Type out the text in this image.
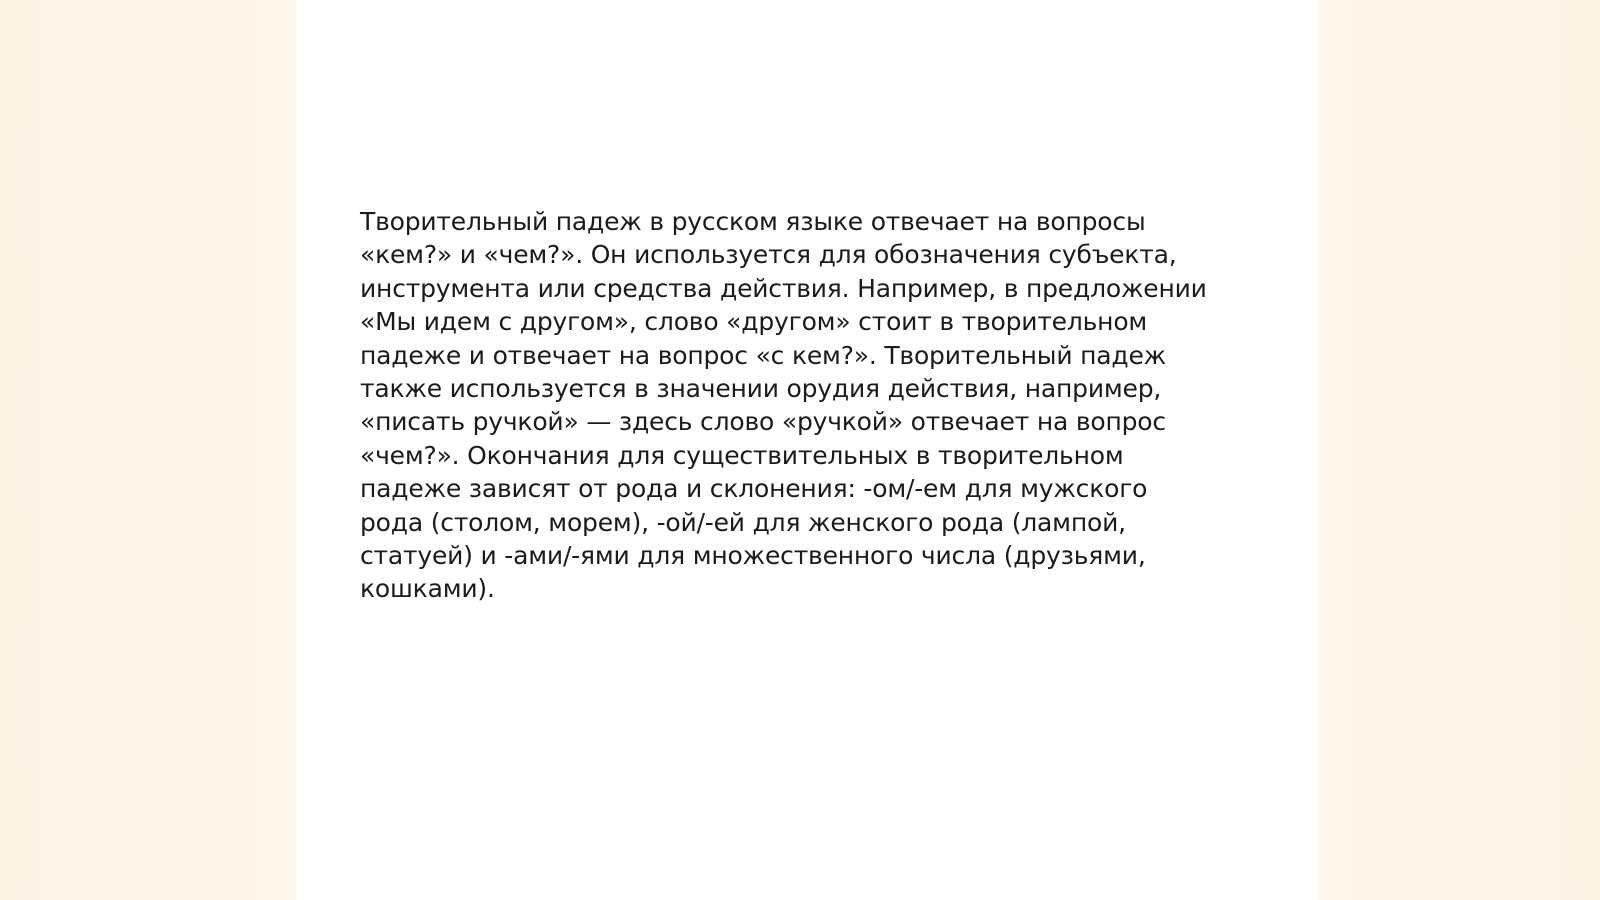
Творительный падеж в русском языке отвечает на вопросы
«кем?» и «чем?». Он используется для обозначения субъекта,
инструмента или средства действия. Например, в предложении
«Мы идем с другом», слово «другом» стоит в творительном
падеже и отвечает на вопрос «с кем?». Творительный падеж
также используется в значении орудия действия, например,
«писать ручкой» — здесь слово «ручкой» отвечает на вопрос
«чем?». Окончания для существительных в творительном
падеже зависят от рода и склонения: -ом/-ем для мужского
рода (столом, морем), -ой/-ей для женского рода (лампой,
статуей) и -ами/-ями для множественного числа (друзьями,
кошками).
